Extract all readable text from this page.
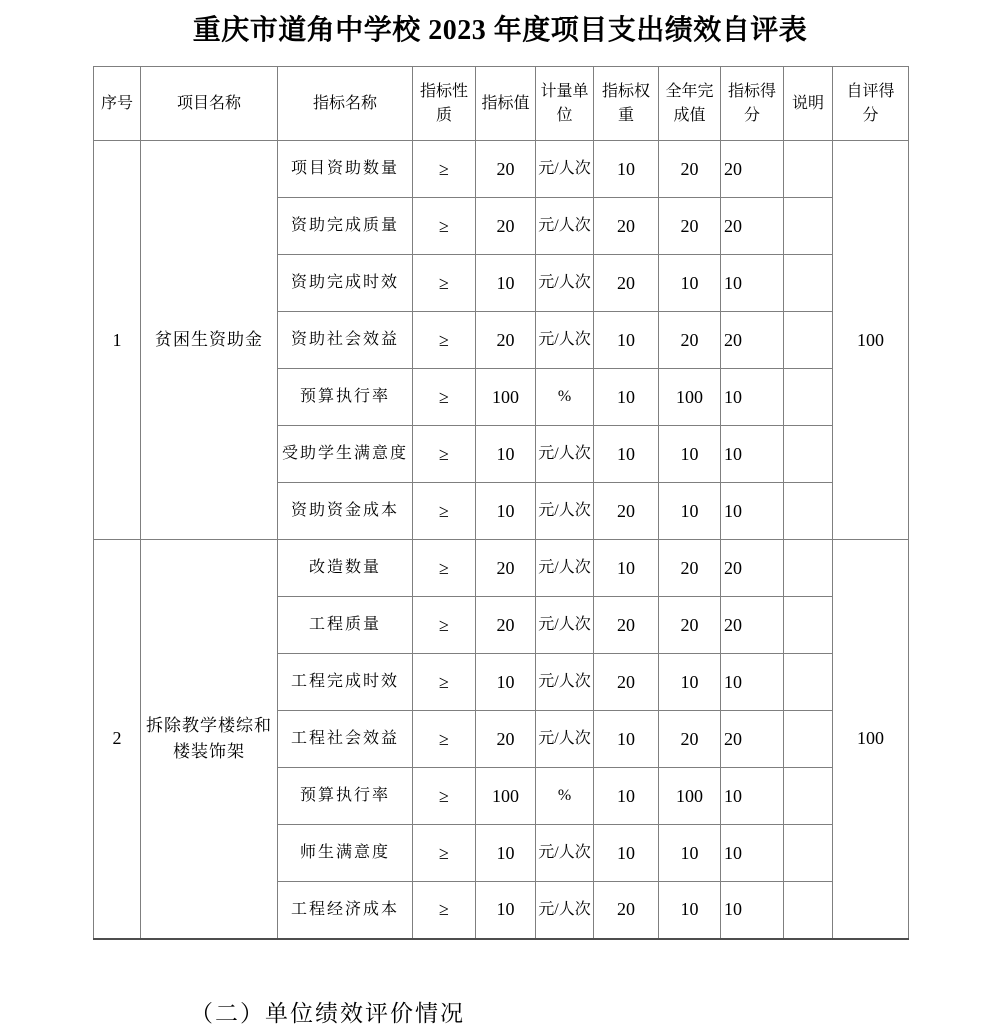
重庆市道角中学校 2023 年度项目支出绩效自评表
序号	项目名称	指标名称	指标性质	指标值	计量单位	指标权重	全年完成值	指标得分	说明	自评得分
1	贫困生资助金	项目资助数量	≥	20	元/人次	10	20	20		100
		资助完成质量	≥	20	元/人次	20	20	20		
		资助完成时效	≥	10	元/人次	20	10	10		
		资助社会效益	≥	20	元/人次	10	20	20		
		预算执行率	≥	100	%	10	100	10		
		受助学生满意度	≥	10	元/人次	10	10	10		
		资助资金成本	≥	10	元/人次	20	10	10		
2	拆除教学楼综和楼装饰架	改造数量	≥	20	元/人次	10	20	20		100
		工程质量	≥	20	元/人次	20	20	20		
		工程完成时效	≥	10	元/人次	20	10	10		
		工程社会效益	≥	20	元/人次	10	20	20		
		预算执行率	≥	100	%	10	100	10		
		师生满意度	≥	10	元/人次	10	10	10		
		工程经济成本	≥	10	元/人次	20	10	10		
（二）单位绩效评价情况
